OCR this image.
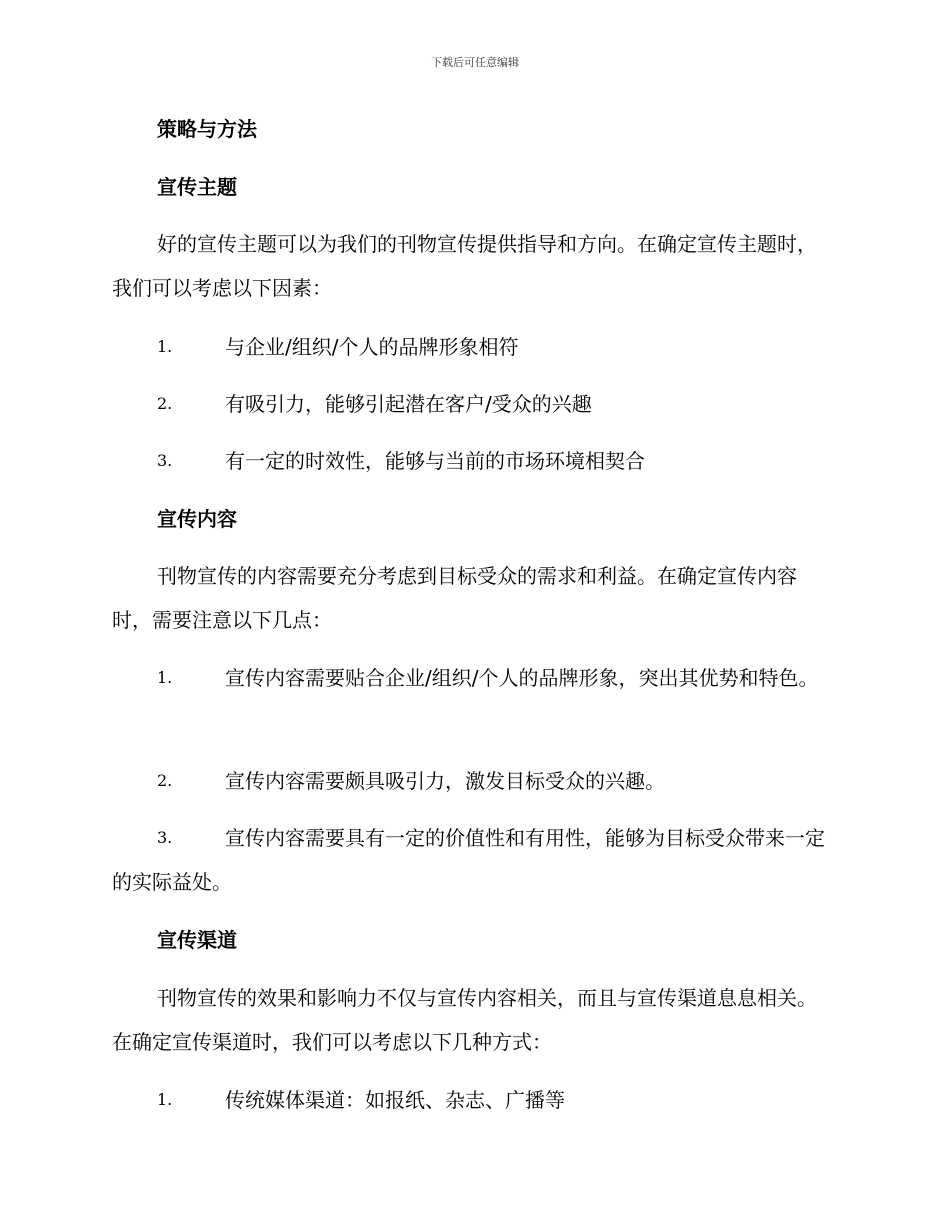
下载后可任意编辑
策略与方法
宣传主题
好的宣传主题可以为我们的刊物宣传提供指导和方向。在确定宣传主题时，我们可以考虑以下因素：
1.	与企业/组织/个人的品牌形象相符
2.	有吸引力，能够引起潜在客户/受众的兴趣
3.	有一定的时效性，能够与当前的市场环境相契合
宣传内容
刊物宣传的内容需要充分考虑到目标受众的需求和利益。在确定宣传内容时，需要注意以下几点：
1.	宣传内容需要贴合企业/组织/个人的品牌形象，突出其优势和特色。
2.	宣传内容需要颇具吸引力，激发目标受众的兴趣。
3.	宣传内容需要具有一定的价值性和有用性，能够为目标受众带来一定的实际益处。
宣传渠道
刊物宣传的效果和影响力不仅与宣传内容相关，而且与宣传渠道息息相关。在确定宣传渠道时，我们可以考虑以下几种方式：
1.	传统媒体渠道：如报纸、杂志、广播等
